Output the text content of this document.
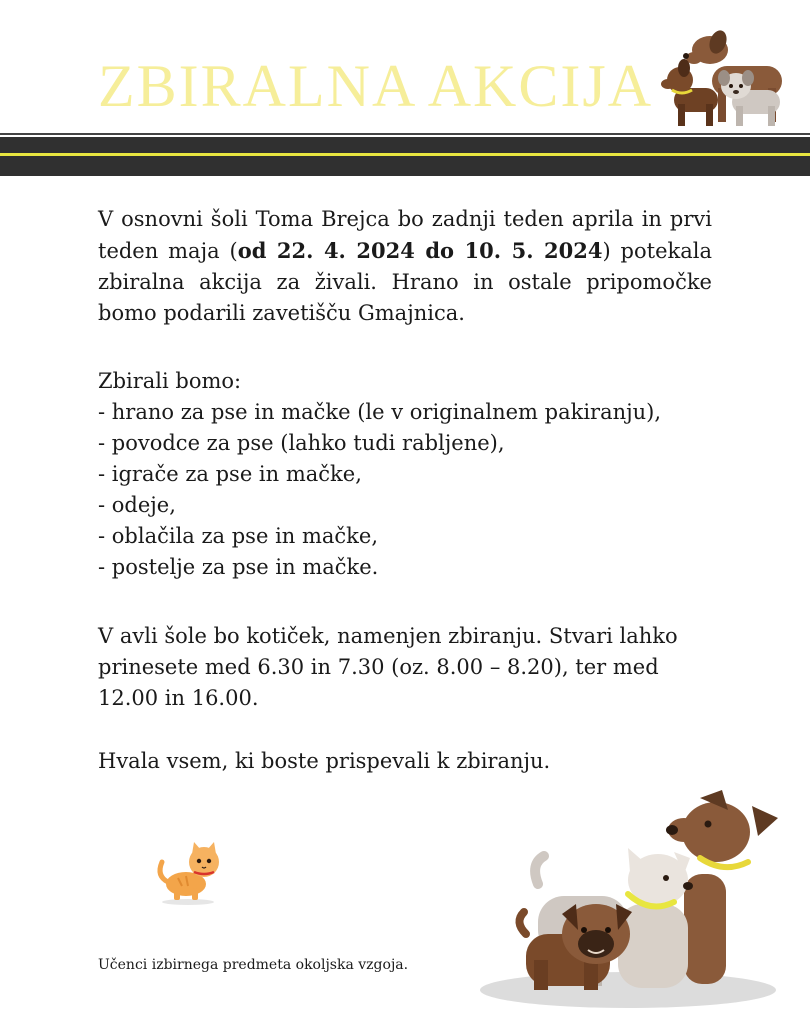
ZBIRALNA AKCIJA

V osnovni šoli Toma Brejca bo zadnji teden aprila in prvi teden maja (od 22. 4. 2024 do 10. 5. 2024) potekala zbiralna akcija za živali. Hrano in ostale pripomočke bomo podarili zavetišču Gmajnica.

Zbirali bomo:

- hrano za pse in mačke (le v originalnem pakiranju),
- povodce za pse (lahko tudi rabljene),
- igrače za pse in mačke,
- odeje,
- oblačila za pse in mačke,
- postelje za pse in mačke.

V avli šole bo kotiček, namenjen zbiranju. Stvari lahko prinesete med 6.30 in 7.30 (oz. 8.00 – 8.20), ter med 12.00 in 16.00.

Hvala vsem, ki boste prispevali k zbiranju.

Učenci izbirnega predmeta okoljska vzgoja.
